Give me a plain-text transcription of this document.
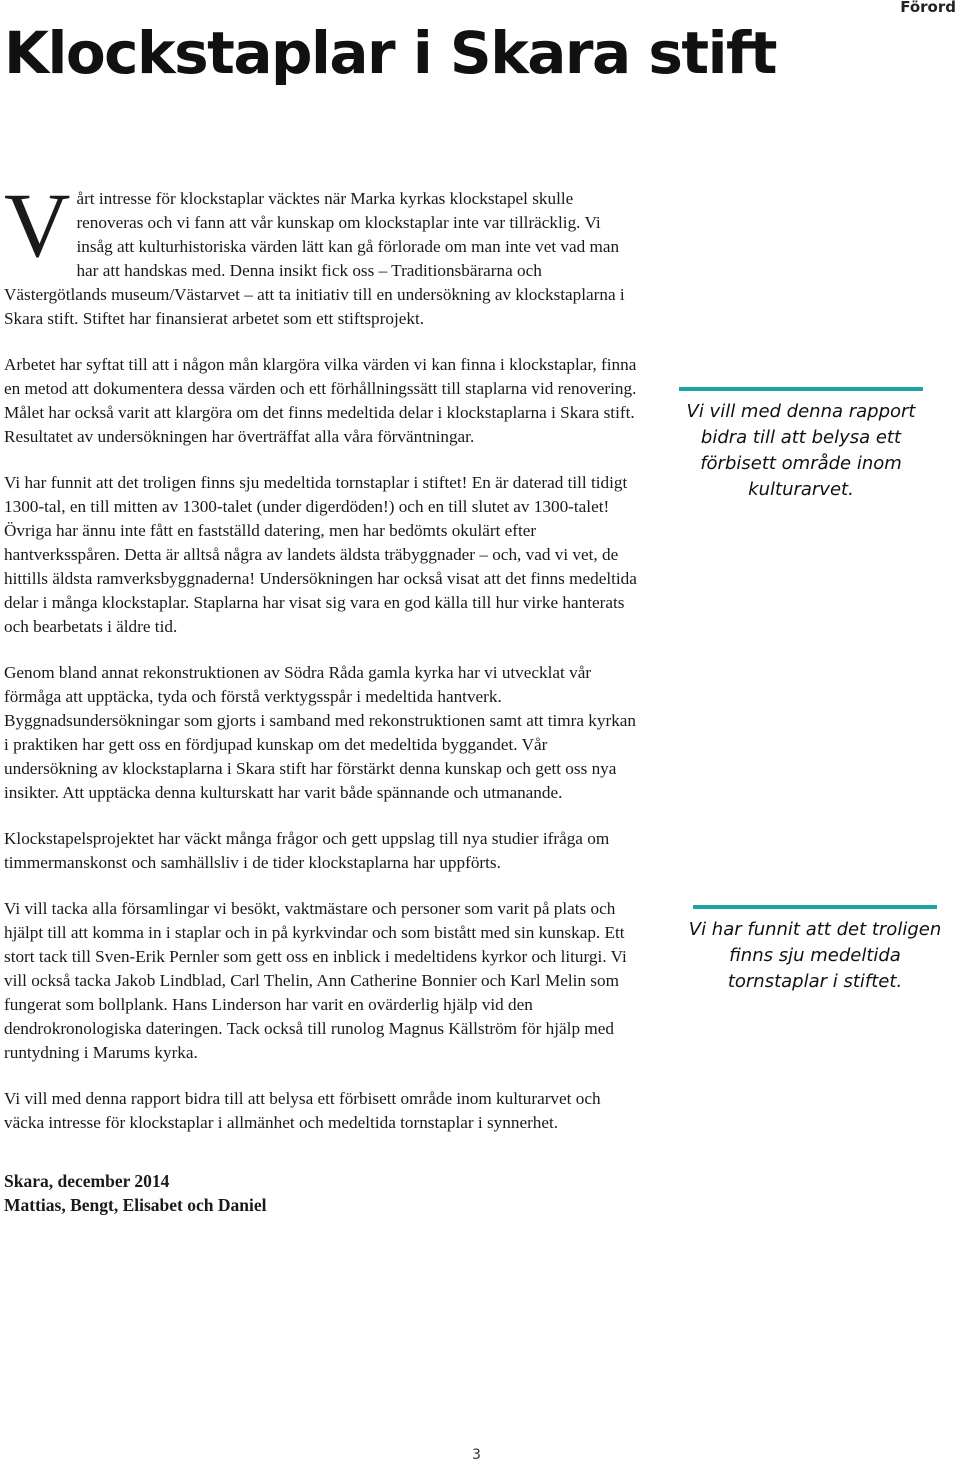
Förord
Klockstaplar i Skara stift

Vårt intresse för klockstaplar väcktes när Marka kyrkas klockstapel skulle renoveras och vi fann att vår kunskap om klockstaplar inte var tillräcklig. Vi insåg att kulturhistoriska värden lätt kan gå förlorade om man inte vet vad man har att handskas med. Denna insikt fick oss – Traditionsbärarna och Västergötlands museum/Västarvet – att ta initiativ till en undersökning av klockstaplarna i Skara stift. Stiftet har finansierat arbetet som ett stiftsprojekt.

Arbetet har syftat till att i någon mån klargöra vilka värden vi kan finna i klockstaplar, finna en metod att dokumentera dessa värden och ett förhållningssätt till staplarna vid renovering. Målet har också varit att klargöra om det finns medeltida delar i klockstaplarna i Skara stift. Resultatet av undersökningen har överträffat alla våra förväntningar.

Vi har funnit att det troligen finns sju medeltida tornstaplar i stiftet! En är daterad till tidigt 1300-tal, en till mitten av 1300-talet (under digerdöden!) och en till slutet av 1300-talet! Övriga har ännu inte fått en fastställd datering, men har bedömts okulärt efter hantverksspåren. Detta är alltså några av landets äldsta träbyggnader – och, vad vi vet, de hittills äldsta ramverksbyggnaderna! Undersökningen har också visat att det finns medeltida delar i många klockstaplar. Staplarna har visat sig vara en god källa till hur virke hanterats och bearbetats i äldre tid.

Genom bland annat rekonstruktionen av Södra Råda gamla kyrka har vi utvecklat vår förmåga att upptäcka, tyda och förstå verktygsspår i medeltida hantverk. Byggnadsundersökningar som gjorts i samband med rekonstruktionen samt att timra kyrkan i praktiken har gett oss en fördjupad kunskap om det medeltida byggandet. Vår undersökning av klockstaplarna i Skara stift har förstärkt denna kunskap och gett oss nya insikter. Att upptäcka denna kulturskatt har varit både spännande och utmanande.

Klockstapelsprojektet har väckt många frågor och gett uppslag till nya studier ifråga om timmermanskonst och samhällsliv i de tider klockstaplarna har uppförts.

Vi vill tacka alla församlingar vi besökt, vaktmästare och personer som varit på plats och hjälpt till att komma in i staplar och in på kyrkvindar och som bistått med sin kunskap. Ett stort tack till Sven-Erik Pernler som gett oss en inblick i medeltidens kyrkor och liturgi. Vi vill också tacka Jakob Lindblad, Carl Thelin, Ann Catherine Bonnier och Karl Melin som fungerat som bollplank. Hans Linderson har varit en ovärderlig hjälp vid den dendrokronologiska dateringen. Tack också till runolog Magnus Källström för hjälp med runtydning i Marums kyrka.

Vi vill med denna rapport bidra till att belysa ett förbisett område inom kulturarvet och väcka intresse för klockstaplar i allmänhet och medeltida tornstaplar i synnerhet.

Skara, december 2014

Mattias, Bengt, Elisabet och Daniel

Vi vill med denna rapport bidra till att belysa ett förbisett område inom kulturarvet.
Vi har funnit att det troligen finns sju medeltida tornstaplar i stiftet.
3
